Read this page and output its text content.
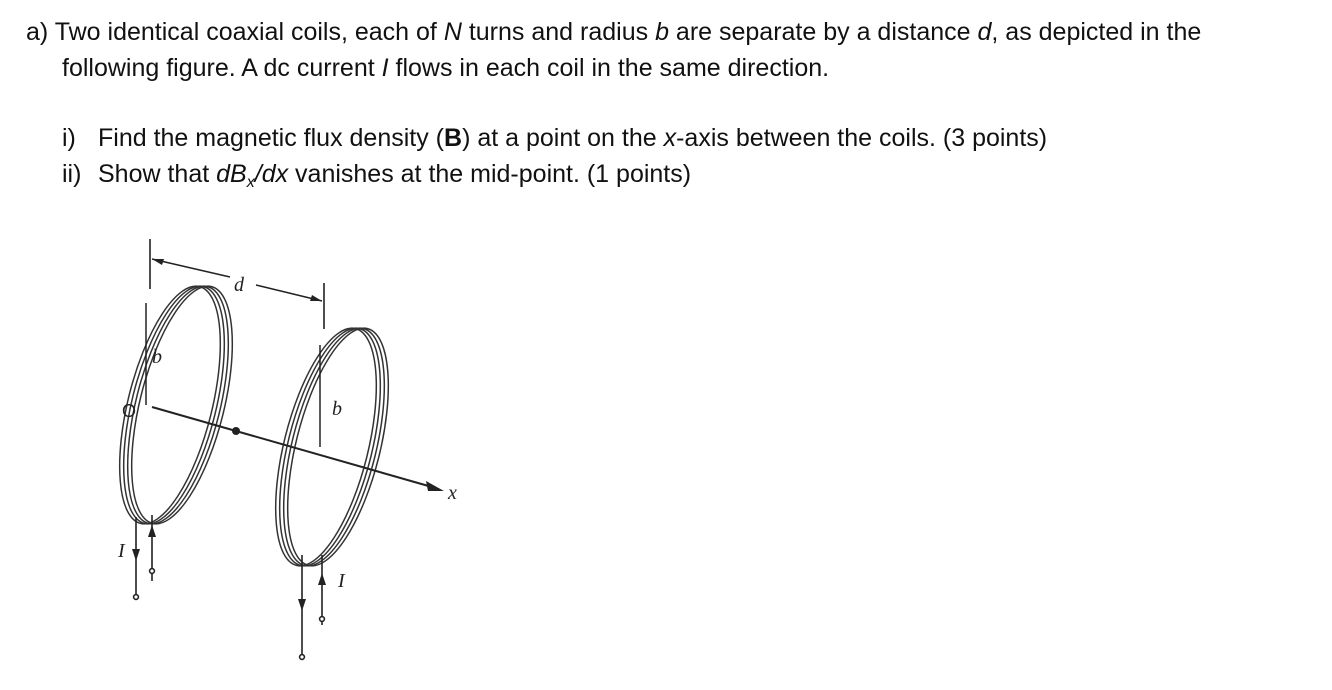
a) Two identical coaxial coils, each of N turns and radius b are separate by a distance d, as depicted in the
following figure. A dc current I flows in each coil in the same direction.
i) Find the magnetic flux density (B) at a point on the x-axis between the coils. (3 points)
ii) Show that $dB_x/dx$ vanishes at the mid-point. (1 points)
d
b
b
O
x
I
I
